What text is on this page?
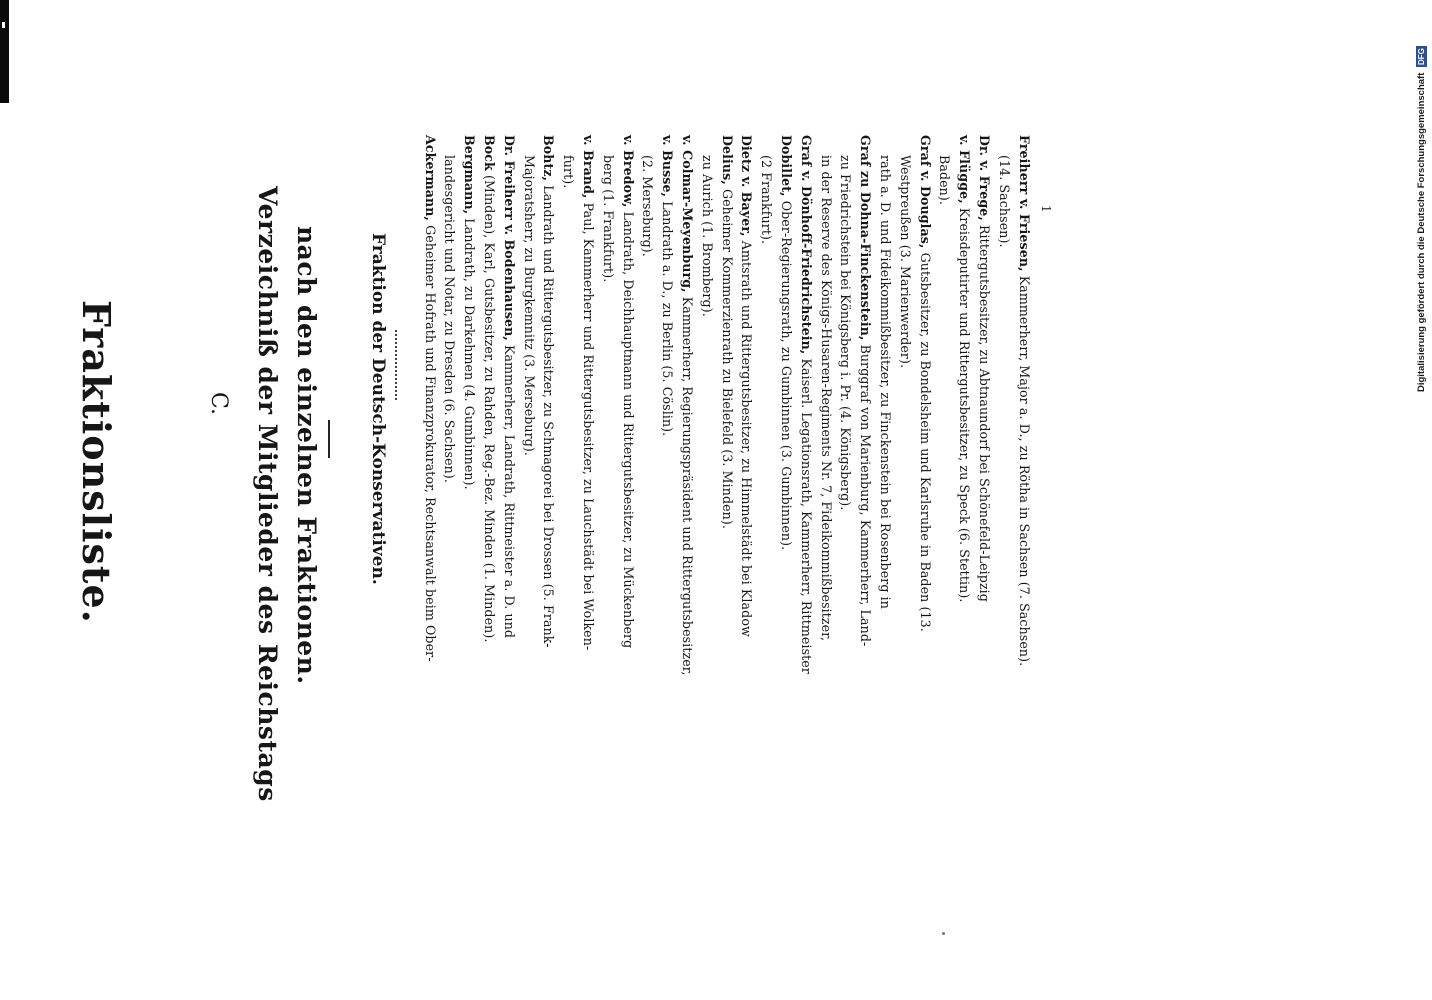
Fraktionsliste.	C. Verzeichniß der Mitglieder des Reichstags nach den einzelnen Fraktionen.	Fraktion der Deutsch-Konservativen.
Ackermann, Geheimer Hofrath und Finanzprokurator, Rechtsanwalt beim Ober- landesgericht und Notar, zu Dresden (6. Sachsen). Bergmann, Landrath, zu Darkehmen (4. Gumbinnen).
Bock (Minden), Karl, Gutsbesitzer, zu Rahden, Reg.-Bez. Minden (1. Minden). Dr. Freiherr v. Bodenhausen, Kammerherr, Landrath, Rittmeister a. D. und
Majoratsherr, zu Burgkemnitz (3. Merseburg). Bohtz, Landrath und Rittergutsbesitzer, zu Schmagorei bei Drossen (5. Frank-
furt). v. Brand, Paul, Kammerherr und Rittergutsbesitzer, zu Lauchstädt bei Wolken- berg (1. Frankfurt). v. Bredow, Landrath, Deichhauptmann und Rittergutsbesitzer, zu Mückenberg
(2. Merseburg). v. Busse, Landrath a. D., zu Berlin (5. Cöslin). v. Colmar-Meyenburg, Kammerherr, Regierungspräsident und Rittergutsbesitzer,
zu Aurich (1. Bromberg). Delius, Geheimer Kommerzienrath zu Bielefeld (3. Minden). Dietz v. Bayer, Amtsrath und Rittergutsbesitzer, zu Himmelstädt bei Kladow
(2 Frankfurt). Dobillet, Ober-Regierungsrath, zu Gumbinnen (3. Gumbinnen). Graf v. Dönhoff-Friedrichstein, Kaiserl. Legationsrath, Kammerherr, Rittmeister in der Reserve des Königs-Husaren-Regiments Nr. 7, Fideikommißbesitzer, zu Friedrichstein bei Königsberg i. Pr. (4. Königsberg). Graf zu Dohna-Finckenstein, Burggraf von Marienburg, Kammerherr, Land- rath a. D. und Fideikommißbesitzer, zu Finckenstein bei Rosenberg in Westpreußen (3. Marienwerder). Graf v. Douglas, Gutsbesitzer, zu Bondelsheim und Karlsruhe in Baden (13.
Baden). v. Flügge, Kreisdeputirter und Rittergutsbesitzer, zu Speck (6. Stettin).
Dr. v. Frege, Rittergutsbesitzer, zu Abtnaundorf bei Schönefeld-Leipzig
(14. Sachsen). Freiherr v. Friesen, Kammerherr, Major a. D., zu Rötha in Sachsen (7. Sachsen).
1	Digitalisierung gefördert durch die Deutsche Forschungsgemeinschaft DFG
